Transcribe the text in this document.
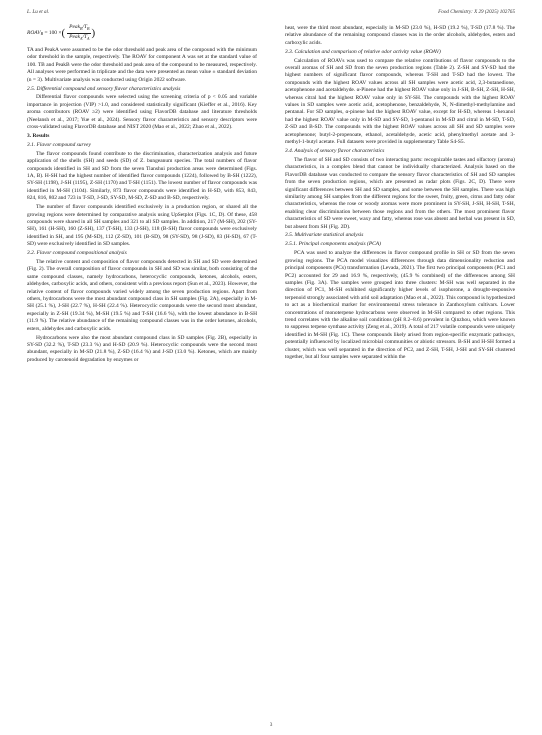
L. Lu et al.	Food Chemistry: X 29 (2025) 102765
ROAV B
= 100 × ( $\frac{Peak_B/T_B}{Peak_A/T_A}$ )

TA and PeakA were assumed to be the odor threshold and peak area of the compound with the minimum odor threshold in the sample, respectively. The ROAV for component A was set at the standard value of 100. TB and PeakB were the odor threshold and peak area of the compound to be measured, respectively. All analyses were performed in triplicate and the data were presented as mean value ± standard deviation (n = 3). Multivariate analysis was conducted using Origin 2022 software.

2.5. Differential compound and sensory flavor characteristics analysis

Differential flavor compounds were selected using the screening criteria of p < 0.05 and variable importance in projection (VIP) >1.0, and considered statistically significant (Kieffer et al., 2016). Key aroma contributors (ROAV ≥2) were identified using FlavorDB database and literature thresholds (Neelansh et al., 2017; Yue et al., 2024). Sensory flavor characteristics and sensory descriptors were cross-validated using FlavorDB database and NIST 2020 (Mao et al., 2022; Zhao et al., 2022).

3. Results

3.1. Flavor compound survey

The flavor compounds found contribute to the discrimination, characterization analysis and future application of the shells (SH) and seeds (SD) of Z. bungeanum species. The total numbers of flavor compounds identified in SH and SD from the seven Tianshui production areas were determined (Figs. 1A, B). H-SH had the highest number of identified flavor compounds (1224), followed by B-SH (1222), SY-SH (1198), J-SH (1195), Z-SH (1170) and T-SH (1151). The lowest number of flavor compounds was identified in M-SH (1104). Similarly, 873 flavor compounds were identified in H-SD, with 853, 843, 824, 816, 802 and 723 in T-SD, J-SD, SY-SD, M-SD, Z-SD and B-SD, respectively.

The number of flavor compounds identified exclusively in a production region, or shared all the growing regions were determined by comparative analysis using UpSetplot (Figs. 1C, D). Of these, 458 compounds were shared in all SH samples and 321 to all SD samples. In addition, 217 (M-SH), 202 (SY-SH), 161 (H-SH), 160 (Z-SH), 137 (T-SH), 133 (J-SH), 118 (B-SH) flavor compounds were exclusively identified in SH, and 195 (M-SD), 112 (Z-SD), 101 (B-SD), 98 (SY-SD), 98 (J-SD), 83 (H-SD), 67 (T-SD) were exclusively identified in SD samples.

3.2. Flavor compound compositional analysis

The relative content and composition of flavor compounds detected in SH and SD were determined (Fig. 2). The overall composition of flavor compounds in SH and SD was similar, both consisting of the same compound classes, namely hydrocarbons, heterocyclic compounds, ketones, alcohols, esters, aldehydes, carboxylic acids, and others, consistent with a previous report (Sun et al., 2023). However, the relative content of flavor compounds varied widely among the seven production regions. Apart from others, hydrocarbons were the most abundant compound class in SH samples (Fig. 2A), especially in M-SH (25.1 %), J-SH (22.7 %), H-SH (22.4 %). Heterocyclic compounds were the second most abundant, especially in Z-SH (19.34 %), M-SH (19.5 %) and T-SH (16.6 %), with the lowest abundance in B-SH (11.9 %). The relative abundance of the remaining compound classes was in the order ketones, alcohols, esters, aldehydes and carboxylic acids.

Hydrocarbons were also the most abundant compound class in SD samples (Fig. 2B), especially in SY-SD (32.2 %), T-SD (23.3 %) and H-SD (20.9 %). Heterocyclic compounds were the second most abundant, especially in M-SD (21.8 %), Z-SD (16.4 %) and J-SD (13.0 %). Ketones, which are mainly produced by carotenoid degradation by enzymes or

heat, were the third most abundant, especially in M-SD (23.0 %), H-SD (19.2 %), T-SD (17.8 %). The relative abundance of the remaining compound classes was in the order alcohols, aldehydes, esters and carboxylic acids.

3.3. Calculation and comparison of relative odor activity value (ROAV)

Calculation of ROAVs was used to compare the relative contributions of flavor compounds to the overall aromas of SH and SD from the seven production regions (Table 2). Z-SH and SY-SD had the highest numbers of significant flavor compounds, whereas T-SH and T-SD had the lowest. The compounds with the highest ROAV values across all SH samples were acetic acid, 2,3-butanedione, acetophenone and acetaldehyde. α-Pinene had the highest ROAV value only in J-SH, B-SH, Z-SH, H-SH, whereas citral had the highest ROAV value only in SY-SH. The compounds with the highest ROAV values in SD samples were acetic acid, acetophenone, benzaldehyde, N, N-dimethyl-methylamine and pentanal. For SD samples, α-pinene had the highest ROAV value, except for H-SD, whereas 1-hexanol had the highest ROAV value only in M-SD and SY-SD, 1-pentanol in M-SD and citral in M-SD, T-SD, Z-SD and B-SD. The compounds with the highest ROAV values across all SH and SD samples were acetophenone; butyl-2-propenoate, ethanol, acetaldehyde, acetic acid, phenylmethyl acetate and 3-methyl-1-butyl acetate. Full datasets were provided in supplementary Table S4-S5.

3.4. Analysis of sensory flavor characteristics

The flavor of SH and SD consists of two interacting parts: recognizable tastes and olfactory (aroma) characteristics, in a complex blend that cannot be individually characterized. Analysis based on the FlavorDB database was conducted to compare the sensory flavor characteristics of SH and SD samples from the seven production regions, which are presented as radar plots (Figs. 2C, D). There were significant differences between SH and SD samples, and some between the SH samples. There was high similarity among SH samples from the different regions for the sweet, fruity, green, citrus and fatty odor characteristics, whereas the rose or woody aromas were more prominent in SY-SH, J-SH, H-SH, T-SH, enabling clear discrimination between those regions and from the others. The most prominent flavor characteristics of SD were sweet, waxy and fatty, whereas rose was absent and herbal was present in SD, but absent from SH (Fig. 2D).

3.5. Multivariate statistical analysis

3.5.1. Principal components analysis (PCA)

PCA was used to analyze the differences in flavor compound profile in SH or SD from the seven growing regions. The PCA model visualizes differences through data dimensionality reduction and principal components (PCs) transformation (Levada, 2021). The first two principal components (PC1 and PC2) accounted for 29 and 16.9 %, respectively, (45.9 % combined) of the differences among SH samples (Fig. 3A). The samples were grouped into three clusters: M-SH was well separated in the direction of PC1, M-SH exhibited significantly higher levels of isophorone, a drought-responsive terpenoid strongly associated with arid soil adaptation (Mao et al., 2022). This compound is hypothesized to act as a biochemical marker for environmental stress tolerance in Zanthoxylum cultivars. Lower concentrations of monoterpene hydrocarbons were observed in M-SH compared to other regions. This trend correlates with the alkaline soil conditions (pH 8.2–8.6) prevalent in Qinzhou, which were known to suppress terpene synthase activity (Zeng et al., 2019). A total of 217 volatile compounds were uniquely identified in M-SH (Fig. 1C). These compounds likely arised from region-specific enzymatic pathways, potentially influenced by localized microbial communities or abiotic stressors. B-SH and H-SH formed a cluster, which was well separated in the direction of PC2, and Z-SH, T-SH, J-SH and SY-SH clustered together, but all four samples were separated within the

3
